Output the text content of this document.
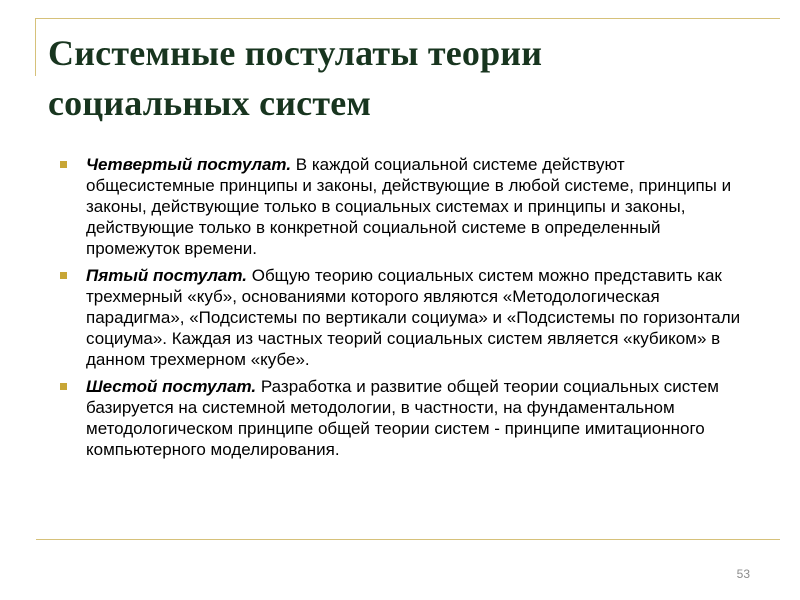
Системные постулаты теории социальных систем
Четвертый постулат. В каждой социальной системе действуют общесистемные принципы и законы, действующие в любой системе, принципы и законы, действующие только в социальных системах и принципы и законы, действующие только в конкретной социальной системе в определенный промежуток времени.
Пятый постулат. Общую теорию социальных систем можно представить как трехмерный «куб», основаниями которого являются «Методологическая парадигма», «Подсистемы по вертикали социума» и «Подсистемы по горизонтали социума». Каждая из частных теорий социальных систем является «кубиком» в данном трехмерном «кубе».
Шестой постулат. Разработка и развитие общей теории социальных систем базируется на системной методологии, в частности, на фундаментальном методологическом принципе общей теории систем - принципе имитационного компьютерного моделирования.
53
